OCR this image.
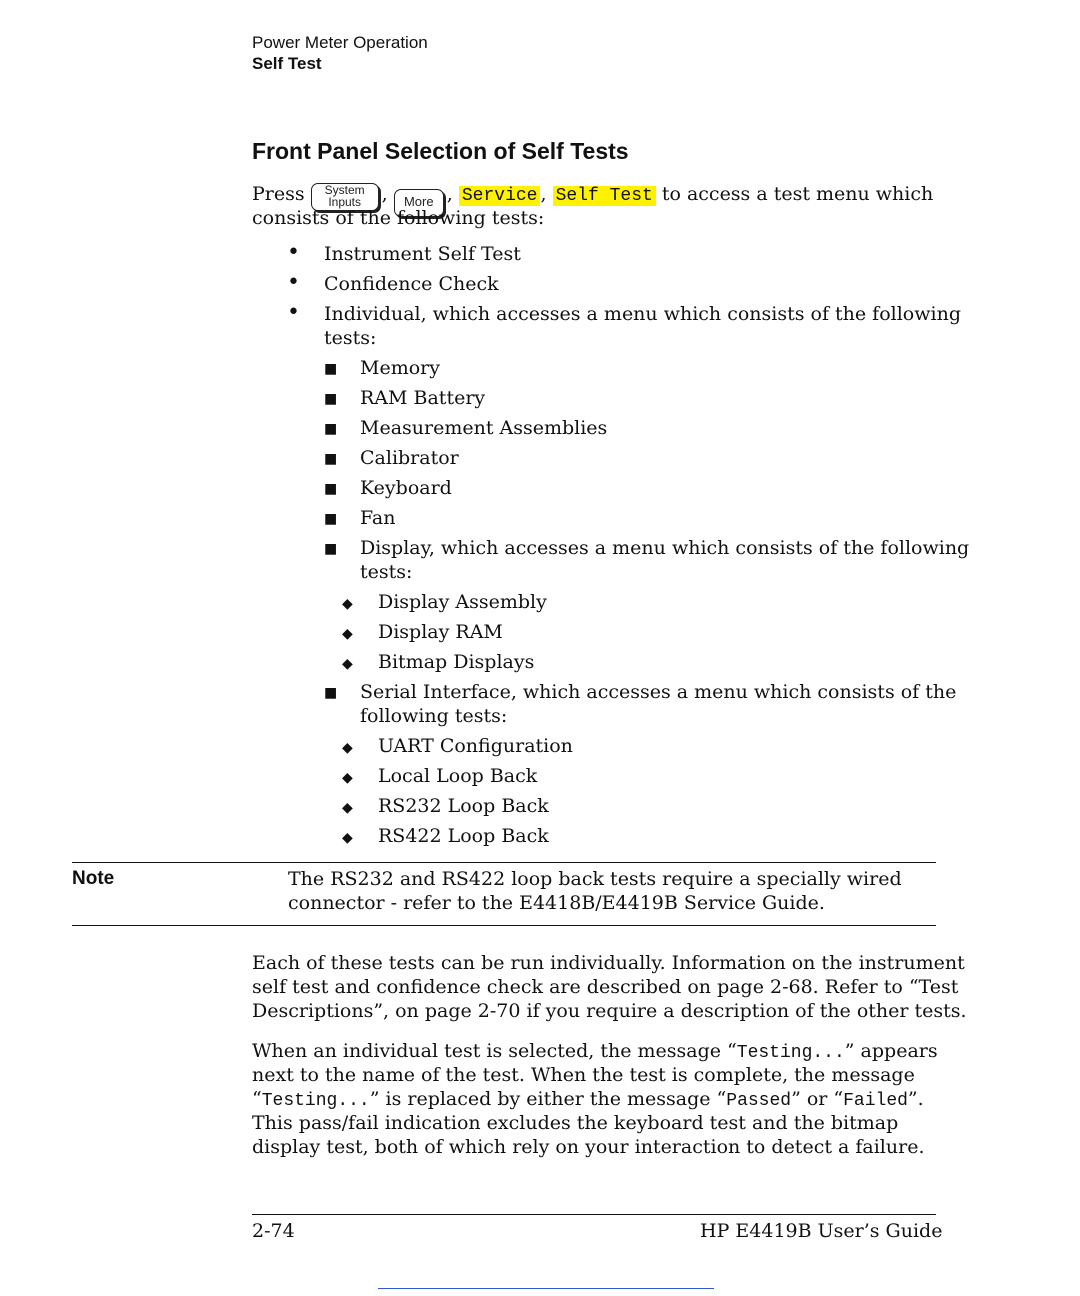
Power Meter Operation
Self Test
Front Panel Selection of Self Tests
Press	System
Inputs	,	More , Service , Self Test to access a test menu which
consists of the following tests:
• Instrument Self Test
• Confidence Check
• Individual, which accesses a menu which consists of the following
tests:
■ Memory
■ RAM Battery
■ Measurement Assemblies
■ Calibrator
■ Keyboard
■ Fan
■ Display, which accesses a menu which consists of the following
tests:
◆ Display Assembly
◆ Display RAM
◆ Bitmap Displays
■ Serial Interface, which accesses a menu which consists of the
following tests:
◆ UART Configuration
◆ Local Loop Back
◆ RS232 Loop Back
◆ RS422 Loop Back
Note	The RS232 and RS422 loop back tests require a specially wired
connector - refer to the E4418B/E4419B Service Guide.
Each of these tests can be run individually. Information on the instrument
self test and confidence check are described on page 2-68. Refer to “Test
Descriptions”, on page 2-70 if you require a description of the other tests.
When an individual test is selected, the message “Testing...” appears
next to the name of the test. When the test is complete, the message
“Testing...” is replaced by either the message “Passed” or “Failed”.
This pass/fail indication excludes the keyboard test and the bitmap
display test, both of which rely on your interaction to detect a failure.
2-74	HP E4419B User’s Guide
